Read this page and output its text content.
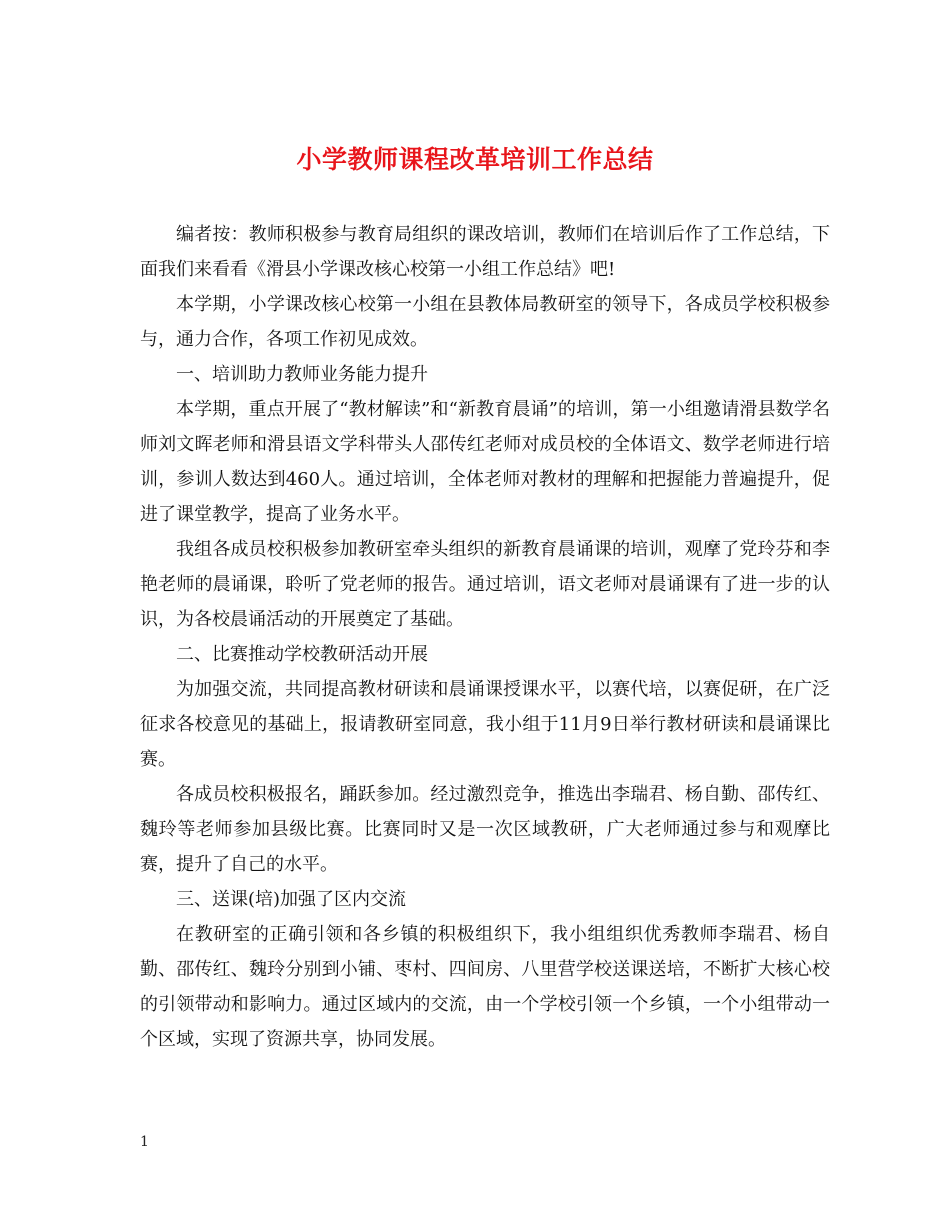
小学教师课程改革培训工作总结

编者按：教师积极参与教育局组织的课改培训，教师们在培训后作了工作总结，下面我们来看看《滑县小学课改核心校第一小组工作总结》吧!

本学期，小学课改核心校第一小组在县教体局教研室的领导下，各成员学校积极参与，通力合作，各项工作初见成效。

一、培训助力教师业务能力提升

本学期，重点开展了“教材解读”和“新教育晨诵”的培训，第一小组邀请滑县数学名师刘文晖老师和滑县语文学科带头人邵传红老师对成员校的全体语文、数学老师进行培训，参训人数达到460人。通过培训，全体老师对教材的理解和把握能力普遍提升，促进了课堂教学，提高了业务水平。

我组各成员校积极参加教研室牵头组织的新教育晨诵课的培训，观摩了党玲芬和李艳老师的晨诵课，聆听了党老师的报告。通过培训，语文老师对晨诵课有了进一步的认识，为各校晨诵活动的开展奠定了基础。

二、比赛推动学校教研活动开展

为加强交流，共同提高教材研读和晨诵课授课水平，以赛代培，以赛促研，在广泛征求各校意见的基础上，报请教研室同意，我小组于11月9日举行教材研读和晨诵课比赛。

各成员校积极报名，踊跃参加。经过激烈竞争，推选出李瑞君、杨自勤、邵传红、魏玲等老师参加县级比赛。比赛同时又是一次区域教研，广大老师通过参与和观摩比赛，提升了自己的水平。

三、送课(培)加强了区内交流

在教研室的正确引领和各乡镇的积极组织下，我小组组织优秀教师李瑞君、杨自勤、邵传红、魏玲分别到小铺、枣村、四间房、八里营学校送课送培，不断扩大核心校的引领带动和影响力。通过区域内的交流，由一个学校引领一个乡镇，一个小组带动一个区域，实现了资源共享，协同发展。

1
